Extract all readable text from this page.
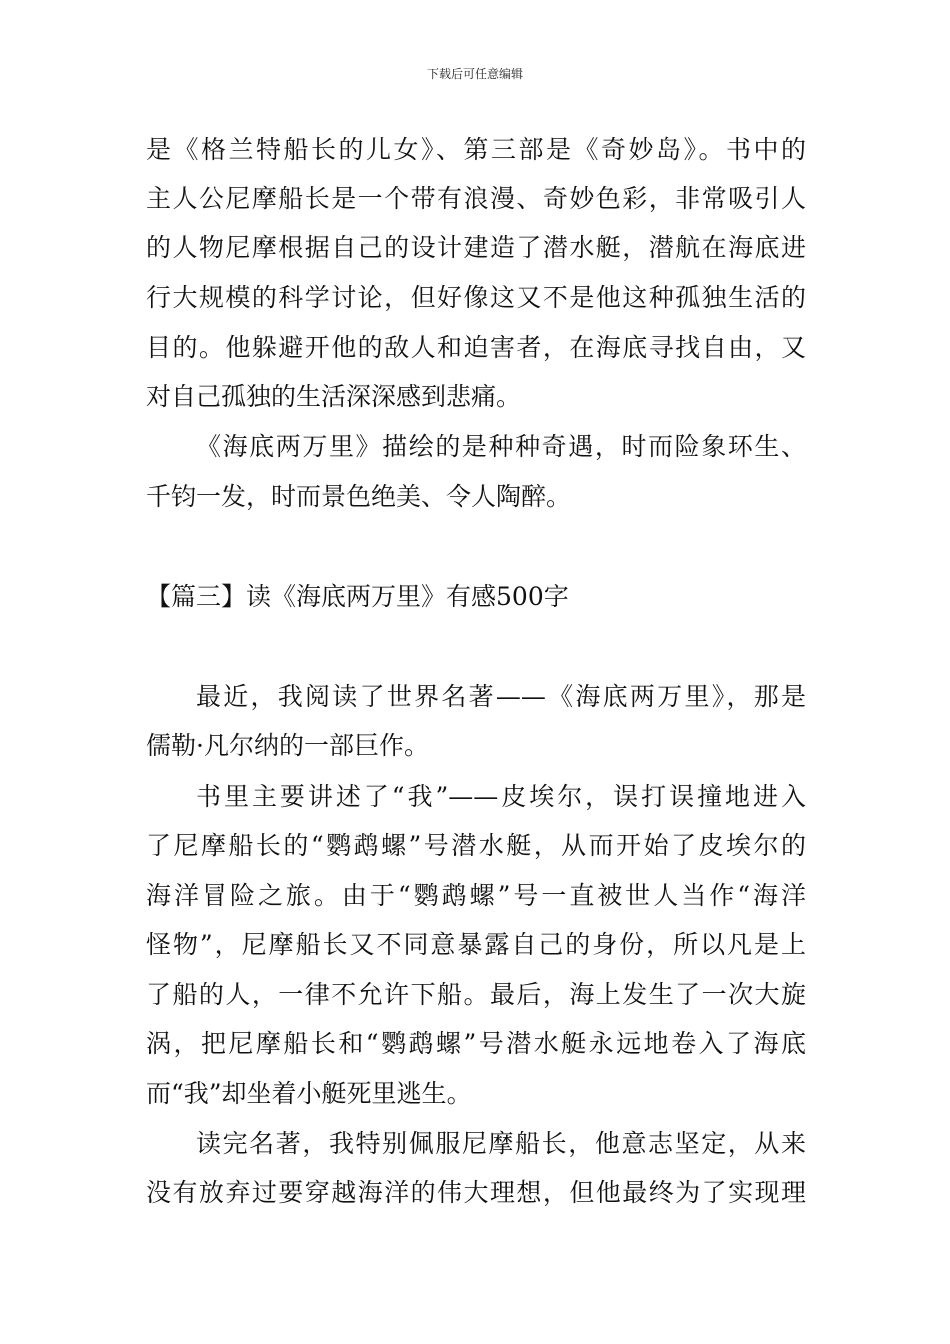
下载后可任意编辑
是《格兰特船长的儿女》、第三部是《奇妙岛》。书中的
主人公尼摩船长是一个带有浪漫、奇妙色彩，非常吸引人
的人物尼摩根据自己的设计建造了潜水艇，潜航在海底进
行大规模的科学讨论，但好像这又不是他这种孤独生活的
目的。他躲避开他的敌人和迫害者，在海底寻找自由，又
对自己孤独的生活深深感到悲痛。
《海底两万里》描绘的是种种奇遇，时而险象环生、
千钧一发，时而景色绝美、令人陶醉。
【篇三】读《海底两万里》有感500字
最近，我阅读了世界名著——《海底两万里》，那是
儒勒·凡尔纳的一部巨作。
书里主要讲述了“我”——皮埃尔，误打误撞地进入
了尼摩船长的“鹦鹉螺”号潜水艇，从而开始了皮埃尔的
海洋冒险之旅。由于“鹦鹉螺”号一直被世人当作“海洋
怪物”，尼摩船长又不同意暴露自己的身份，所以凡是上
了船的人，一律不允许下船。最后，海上发生了一次大旋
涡，把尼摩船长和“鹦鹉螺”号潜水艇永远地卷入了海底
而“我”却坐着小艇死里逃生。
读完名著，我特别佩服尼摩船长，他意志坚定，从来
没有放弃过要穿越海洋的伟大理想，但他最终为了实现理
